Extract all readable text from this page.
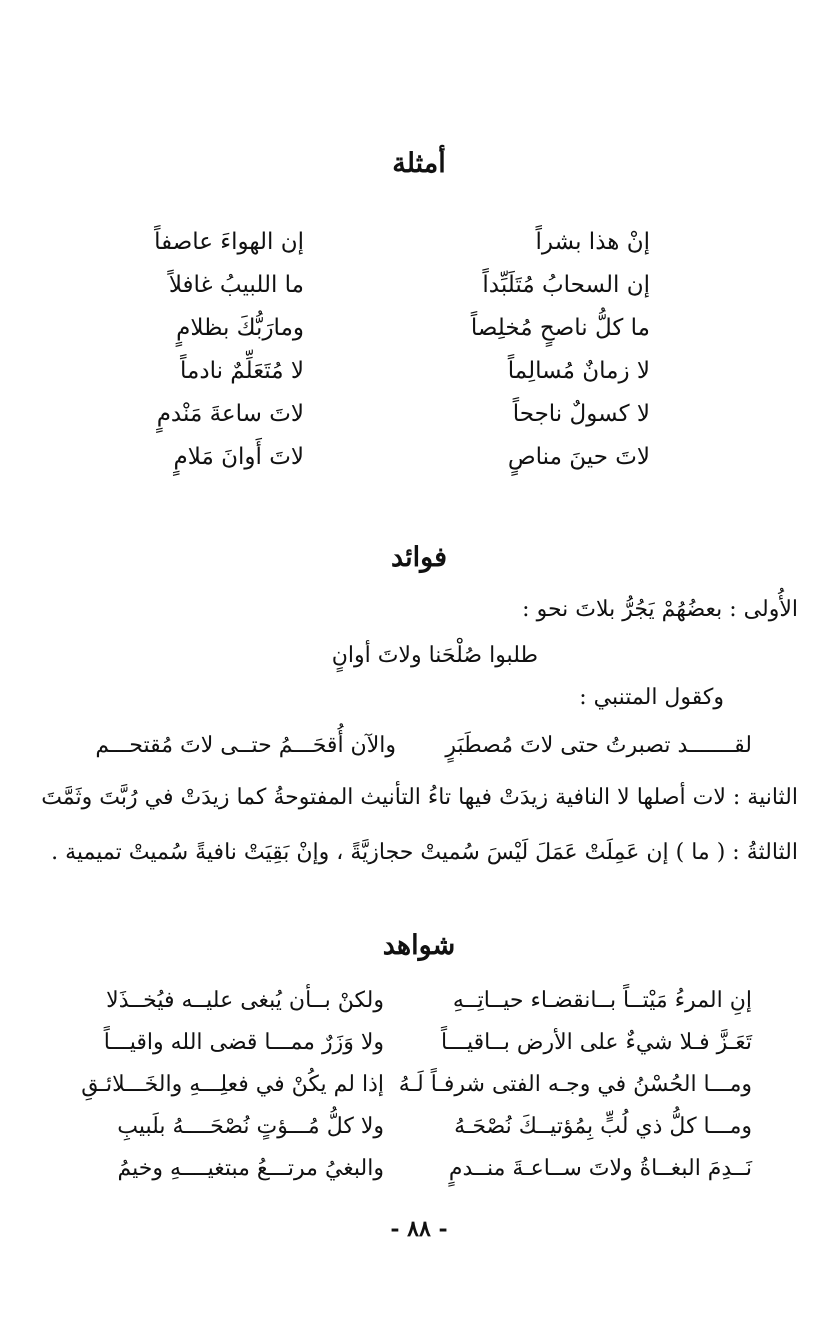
أمثلة
إنْ هذا بشراً
إن السحابُ مُتَلَبِّداً
ما كلُّ ناصحٍ مُخلِصاً
لا زمانٌ مُسالِماً
لا كسولٌ ناجحاً
لاتَ حينَ مناصٍ
إن الهواءَ عاصفاً
ما اللبيبُ غافلاً
ومارَبُّكَ بظلامٍ
لا مُتَعَلِّمٌ نادماً
لاتَ ساعةَ مَنْدمٍ
لاتَ أَوانَ مَلامٍ
فوائد
الأُولى : بعضُهُمْ يَجُرُّ بلاتَ نحو :
طلبوا صُلْحَنا ولاتَ أوانٍ
وكقول المتنبي :
لقـــــــد تصبرتُ حتى لاتَ مُصطَبَرٍ
والآن أُقحَـــمُ حتــى لاتَ مُقتحـــم
الثانية : لات أصلها لا النافية زيدَتْ فيها تاءُ التأنيث المفتوحةُ كما زيدَتْ في رُبَّتَ وثَمَّتَ
الثالثةُ : ( ما ) إن عَمِلَتْ عَمَلَ لَيْسَ سُميتْ حجازيَّةً ، وإنْ بَقِيَتْ نافيةً سُميتْ تميمية .
شواهد
إنِ المرءُ مَيْتــاً بــانقضـاء حيــاتِــهِ
تَعَـزَّ فـلا شيءٌ على الأرض بــاقيـــاً
ومـــا الحُسْنُ في وجـه الفتى شرفـاً لَـهُ
ومـــا كلُّ ذي لُبٍّ بِمُؤتيــكَ نُصْحَـهُ
نَــدِمَ البغــاةُ ولاتَ ســاعـةَ منــدمٍ
ولكنْ بــأن يُبغى عليــه فيُخــذَلا
ولا وَزَرٌ ممـــا قضى الله واقيـــاً
إذا لم يكُنْ في فعلِـــهِ والخَـــلائـقِ
ولا كلُّ مُـــؤتٍ نُصْحَــــهُ بلَبيبِ
والبغيُ مرتـــعُ مبتغيــــهِ وخيمُ
- ٨٨ -
